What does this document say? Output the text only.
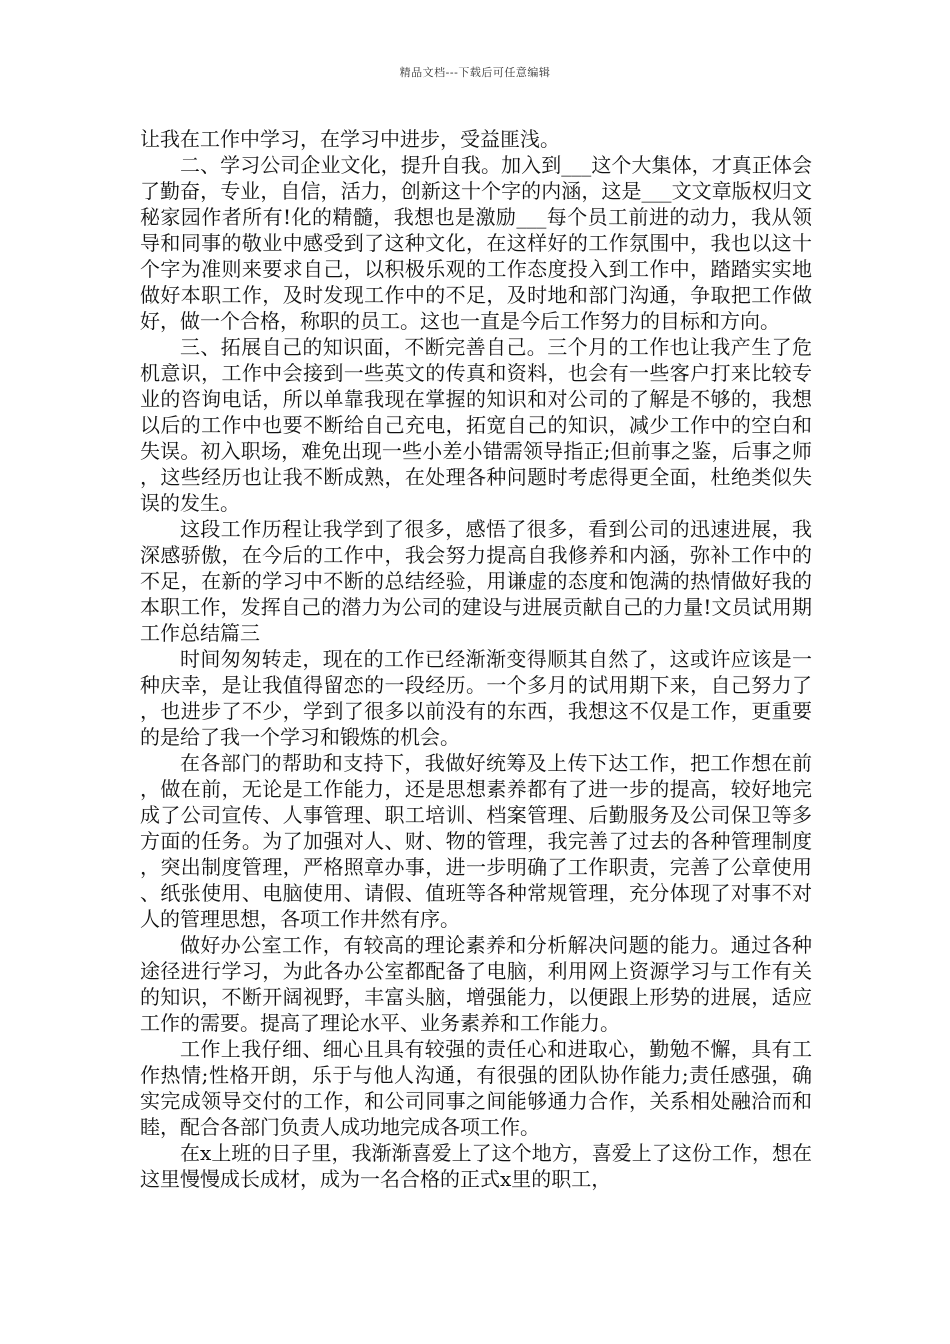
精品文档---下载后可任意编辑

让我在工作中学习，在学习中进步，受益匪浅。

二、学习公司企业文化，提升自我。加入到___这个大集体，才真正体会了勤奋，专业，自信，活力，创新这十个字的内涵，这是___文文章版权归文秘家园作者所有!化的精髓，我想也是激励___每个员工前进的动力，我从领导和同事的敬业中感受到了这种文化，在这样好的工作氛围中，我也以这十个字为准则来要求自己，以积极乐观的工作态度投入到工作中，踏踏实实地做好本职工作，及时发现工作中的不足，及时地和部门沟通，争取把工作做好，做一个合格，称职的员工。这也一直是今后工作努力的目标和方向。

三、拓展自己的知识面，不断完善自己。三个月的工作也让我产生了危机意识，工作中会接到一些英文的传真和资料，也会有一些客户打来比较专业的咨询电话，所以单靠我现在掌握的知识和对公司的了解是不够的，我想以后的工作中也要不断给自己充电，拓宽自己的知识，减少工作中的空白和失误。初入职场，难免出现一些小差小错需领导指正;但前事之鉴，后事之师，这些经历也让我不断成熟，在处理各种问题时考虑得更全面，杜绝类似失误的发生。

这段工作历程让我学到了很多，感悟了很多，看到公司的迅速进展，我深感骄傲，在今后的工作中，我会努力提高自我修养和内涵，弥补工作中的不足，在新的学习中不断的总结经验，用谦虚的态度和饱满的热情做好我的本职工作，发挥自己的潜力为公司的建设与进展贡献自己的力量!文员试用期工作总结篇三

时间匆匆转走，现在的工作已经渐渐变得顺其自然了，这或许应该是一种庆幸，是让我值得留恋的一段经历。一个多月的试用期下来，自己努力了，也进步了不少，学到了很多以前没有的东西，我想这不仅是工作，更重要的是给了我一个学习和锻炼的机会。

在各部门的帮助和支持下，我做好统筹及上传下达工作，把工作想在前，做在前，无论是工作能力，还是思想素养都有了进一步的提高，较好地完成了公司宣传、人事管理、职工培训、档案管理、后勤服务及公司保卫等多方面的任务。为了加强对人、财、物的管理，我完善了过去的各种管理制度，突出制度管理，严格照章办事，进一步明确了工作职责，完善了公章使用、纸张使用、电脑使用、请假、值班等各种常规管理，充分体现了对事不对人的管理思想，各项工作井然有序。

做好办公室工作，有较高的理论素养和分析解决问题的能力。通过各种途径进行学习，为此各办公室都配备了电脑，利用网上资源学习与工作有关的知识，不断开阔视野，丰富头脑，增强能力，以便跟上形势的进展，适应工作的需要。提高了理论水平、业务素养和工作能力。

工作上我仔细、细心且具有较强的责任心和进取心，勤勉不懈，具有工作热情;性格开朗，乐于与他人沟通，有很强的团队协作能力;责任感强，确实完成领导交付的工作，和公司同事之间能够通力合作，关系相处融洽而和睦，配合各部门负责人成功地完成各项工作。

在x上班的日子里，我渐渐喜爱上了这个地方，喜爱上了这份工作，想在这里慢慢成长成材，成为一名合格的正式x里的职工，
